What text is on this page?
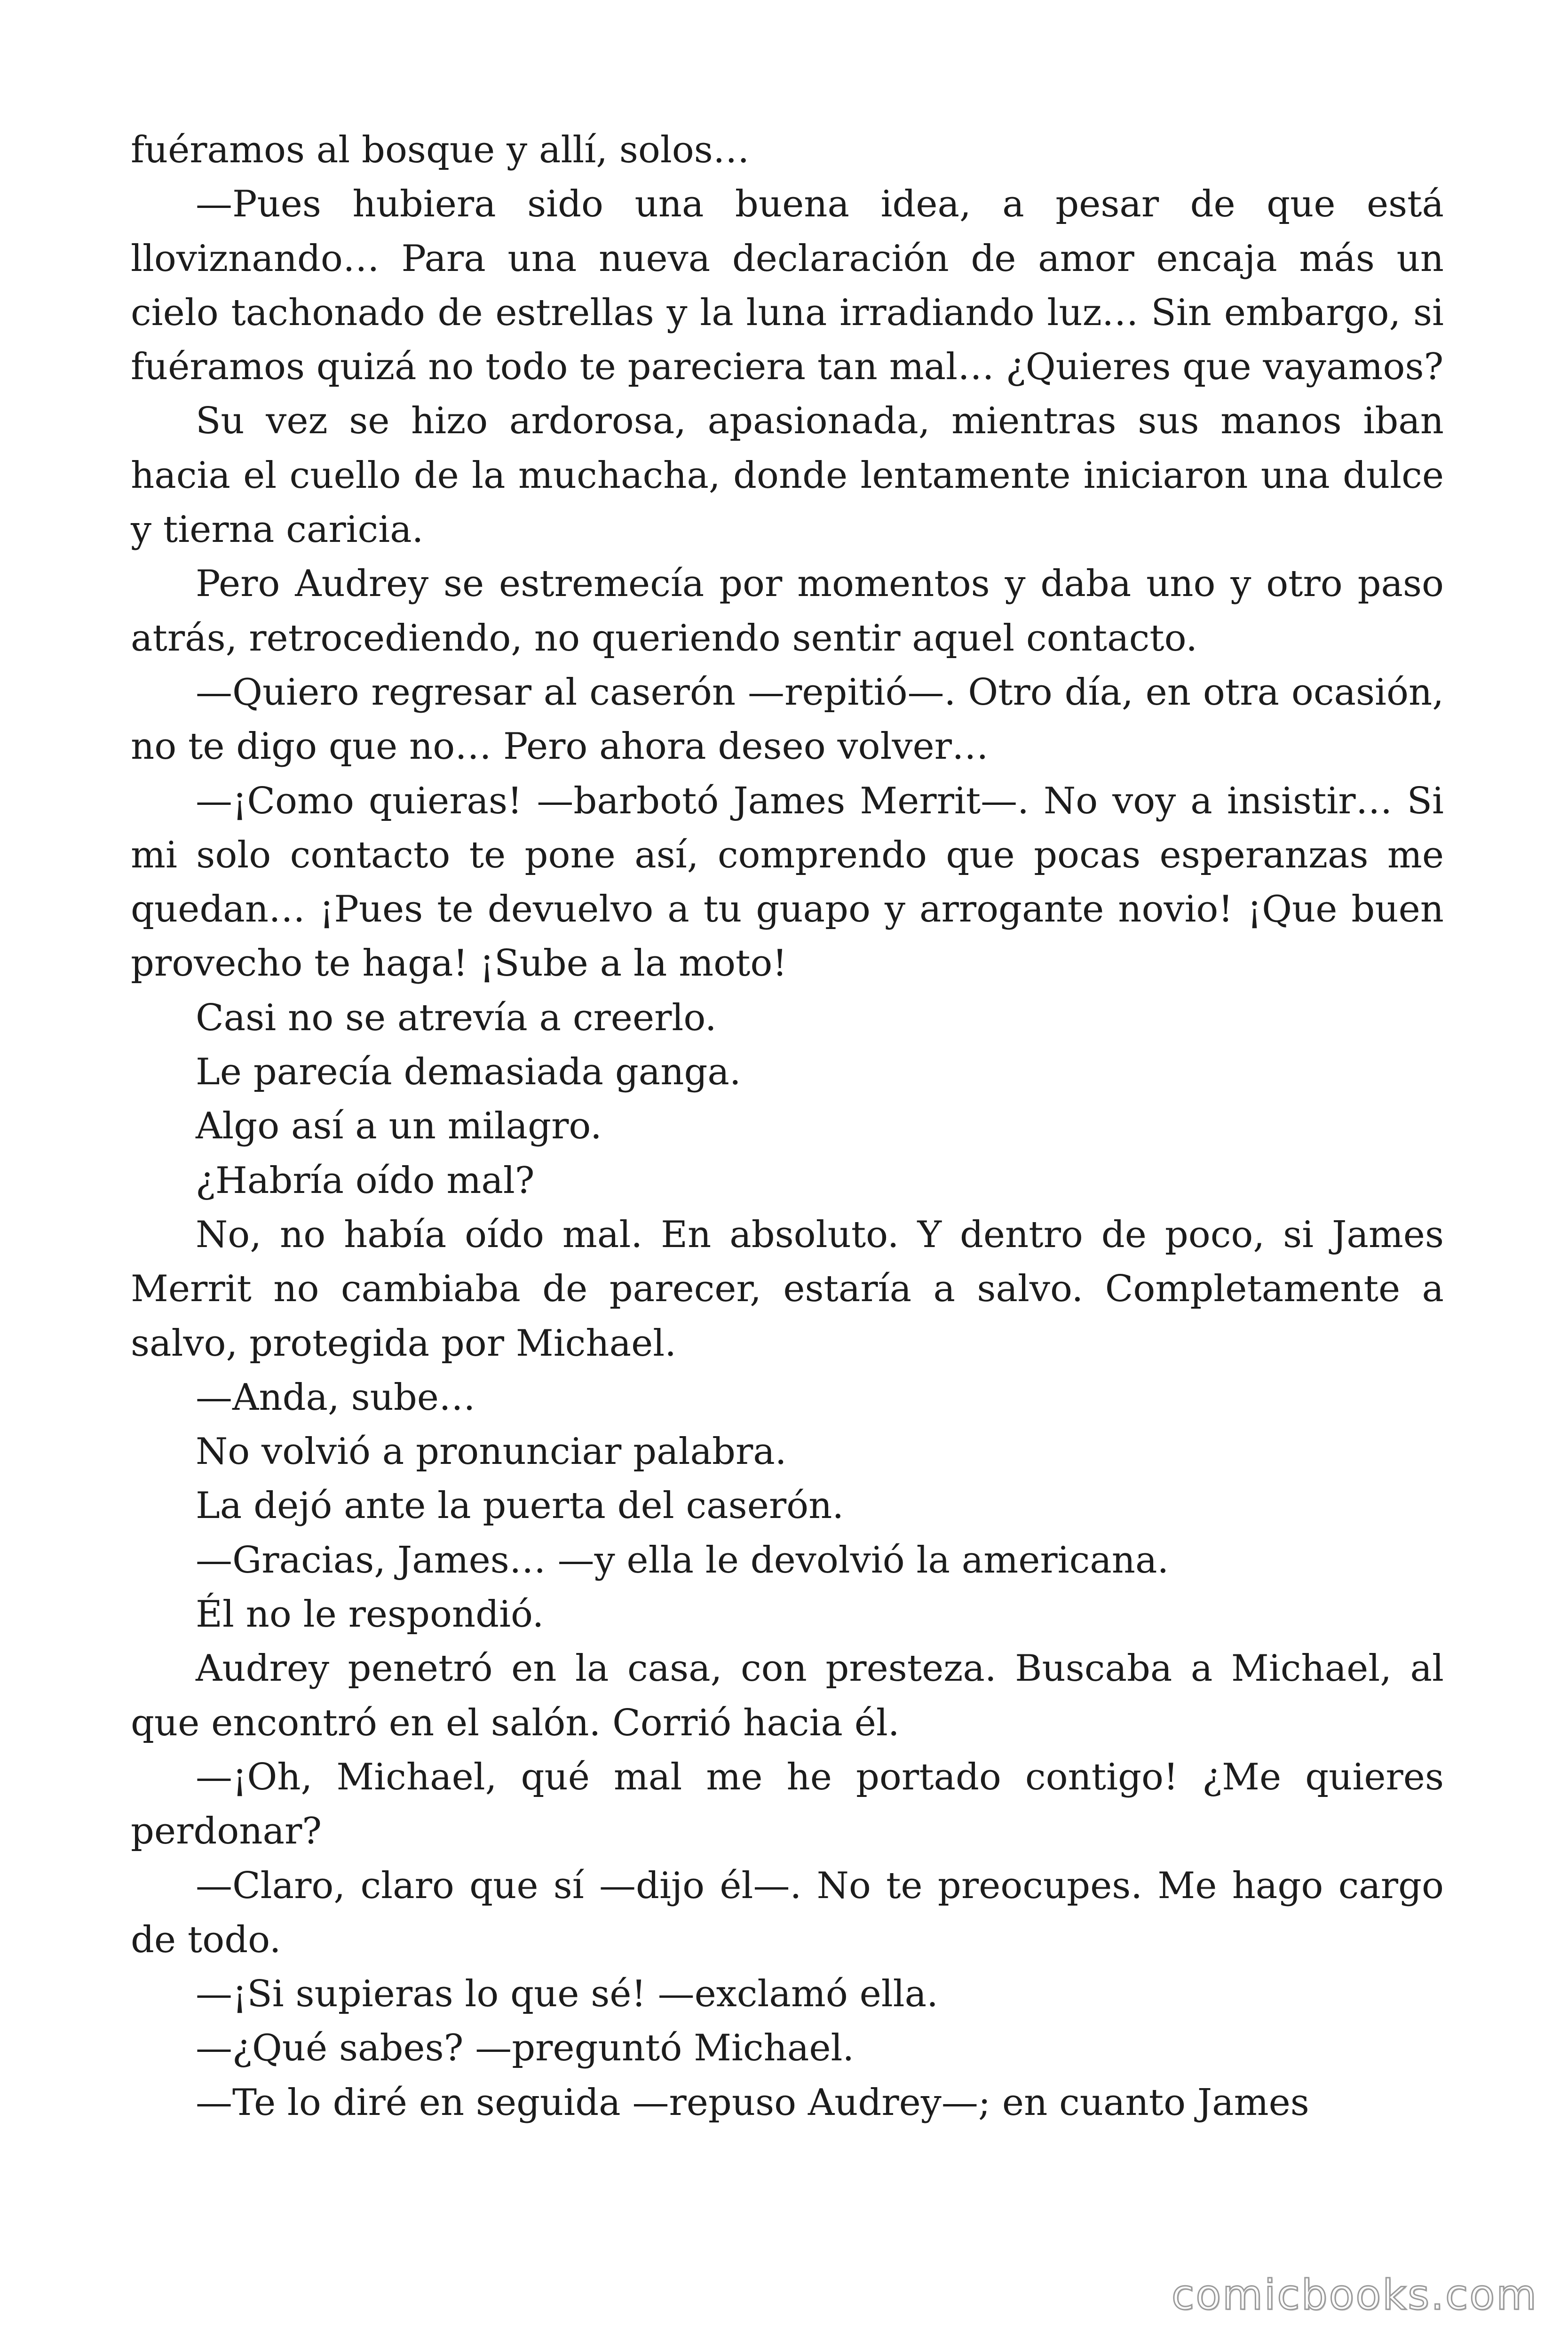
fuéramos al bosque y allí, solos…

—Pues hubiera sido una buena idea, a pesar de que está lloviznando… Para una nueva declaración de amor encaja más un cielo tachonado de estrellas y la luna irradiando luz… Sin embargo, si fuéramos quizá no todo te pareciera tan mal… ¿Quieres que vayamos?

Su vez se hizo ardorosa, apasionada, mientras sus manos iban hacia el cuello de la muchacha, donde lentamente iniciaron una dulce y tierna caricia.

Pero Audrey se estremecía por momentos y daba uno y otro paso atrás, retrocediendo, no queriendo sentir aquel contacto.

—Quiero regresar al caserón —repitió—. Otro día, en otra ocasión, no te digo que no… Pero ahora deseo volver…

—¡Como quieras! —barbotó James Merrit—. No voy a insistir… Si mi solo contacto te pone así, comprendo que pocas esperanzas me quedan… ¡Pues te devuelvo a tu guapo y arrogante novio! ¡Que buen provecho te haga! ¡Sube a la moto!

Casi no se atrevía a creerlo.

Le parecía demasiada ganga.

Algo así a un milagro.

¿Habría oído mal?

No, no había oído mal. En absoluto. Y dentro de poco, si James Merrit no cambiaba de parecer, estaría a salvo. Completamente a salvo, protegida por Michael.

—Anda, sube…

No volvió a pronunciar palabra.

La dejó ante la puerta del caserón.

—Gracias, James… —y ella le devolvió la americana.

Él no le respondió.

Audrey penetró en la casa, con presteza. Buscaba a Michael, al que encontró en el salón. Corrió hacia él.

—¡Oh, Michael, qué mal me he portado contigo! ¿Me quieres perdonar?

—Claro, claro que sí —dijo él—. No te preocupes. Me hago cargo de todo.

—¡Si supieras lo que sé! —exclamó ella.

—¿Qué sabes? —preguntó Michael.

—Te lo diré en seguida —repuso Audrey—; en cuanto James

comicbooks.com
